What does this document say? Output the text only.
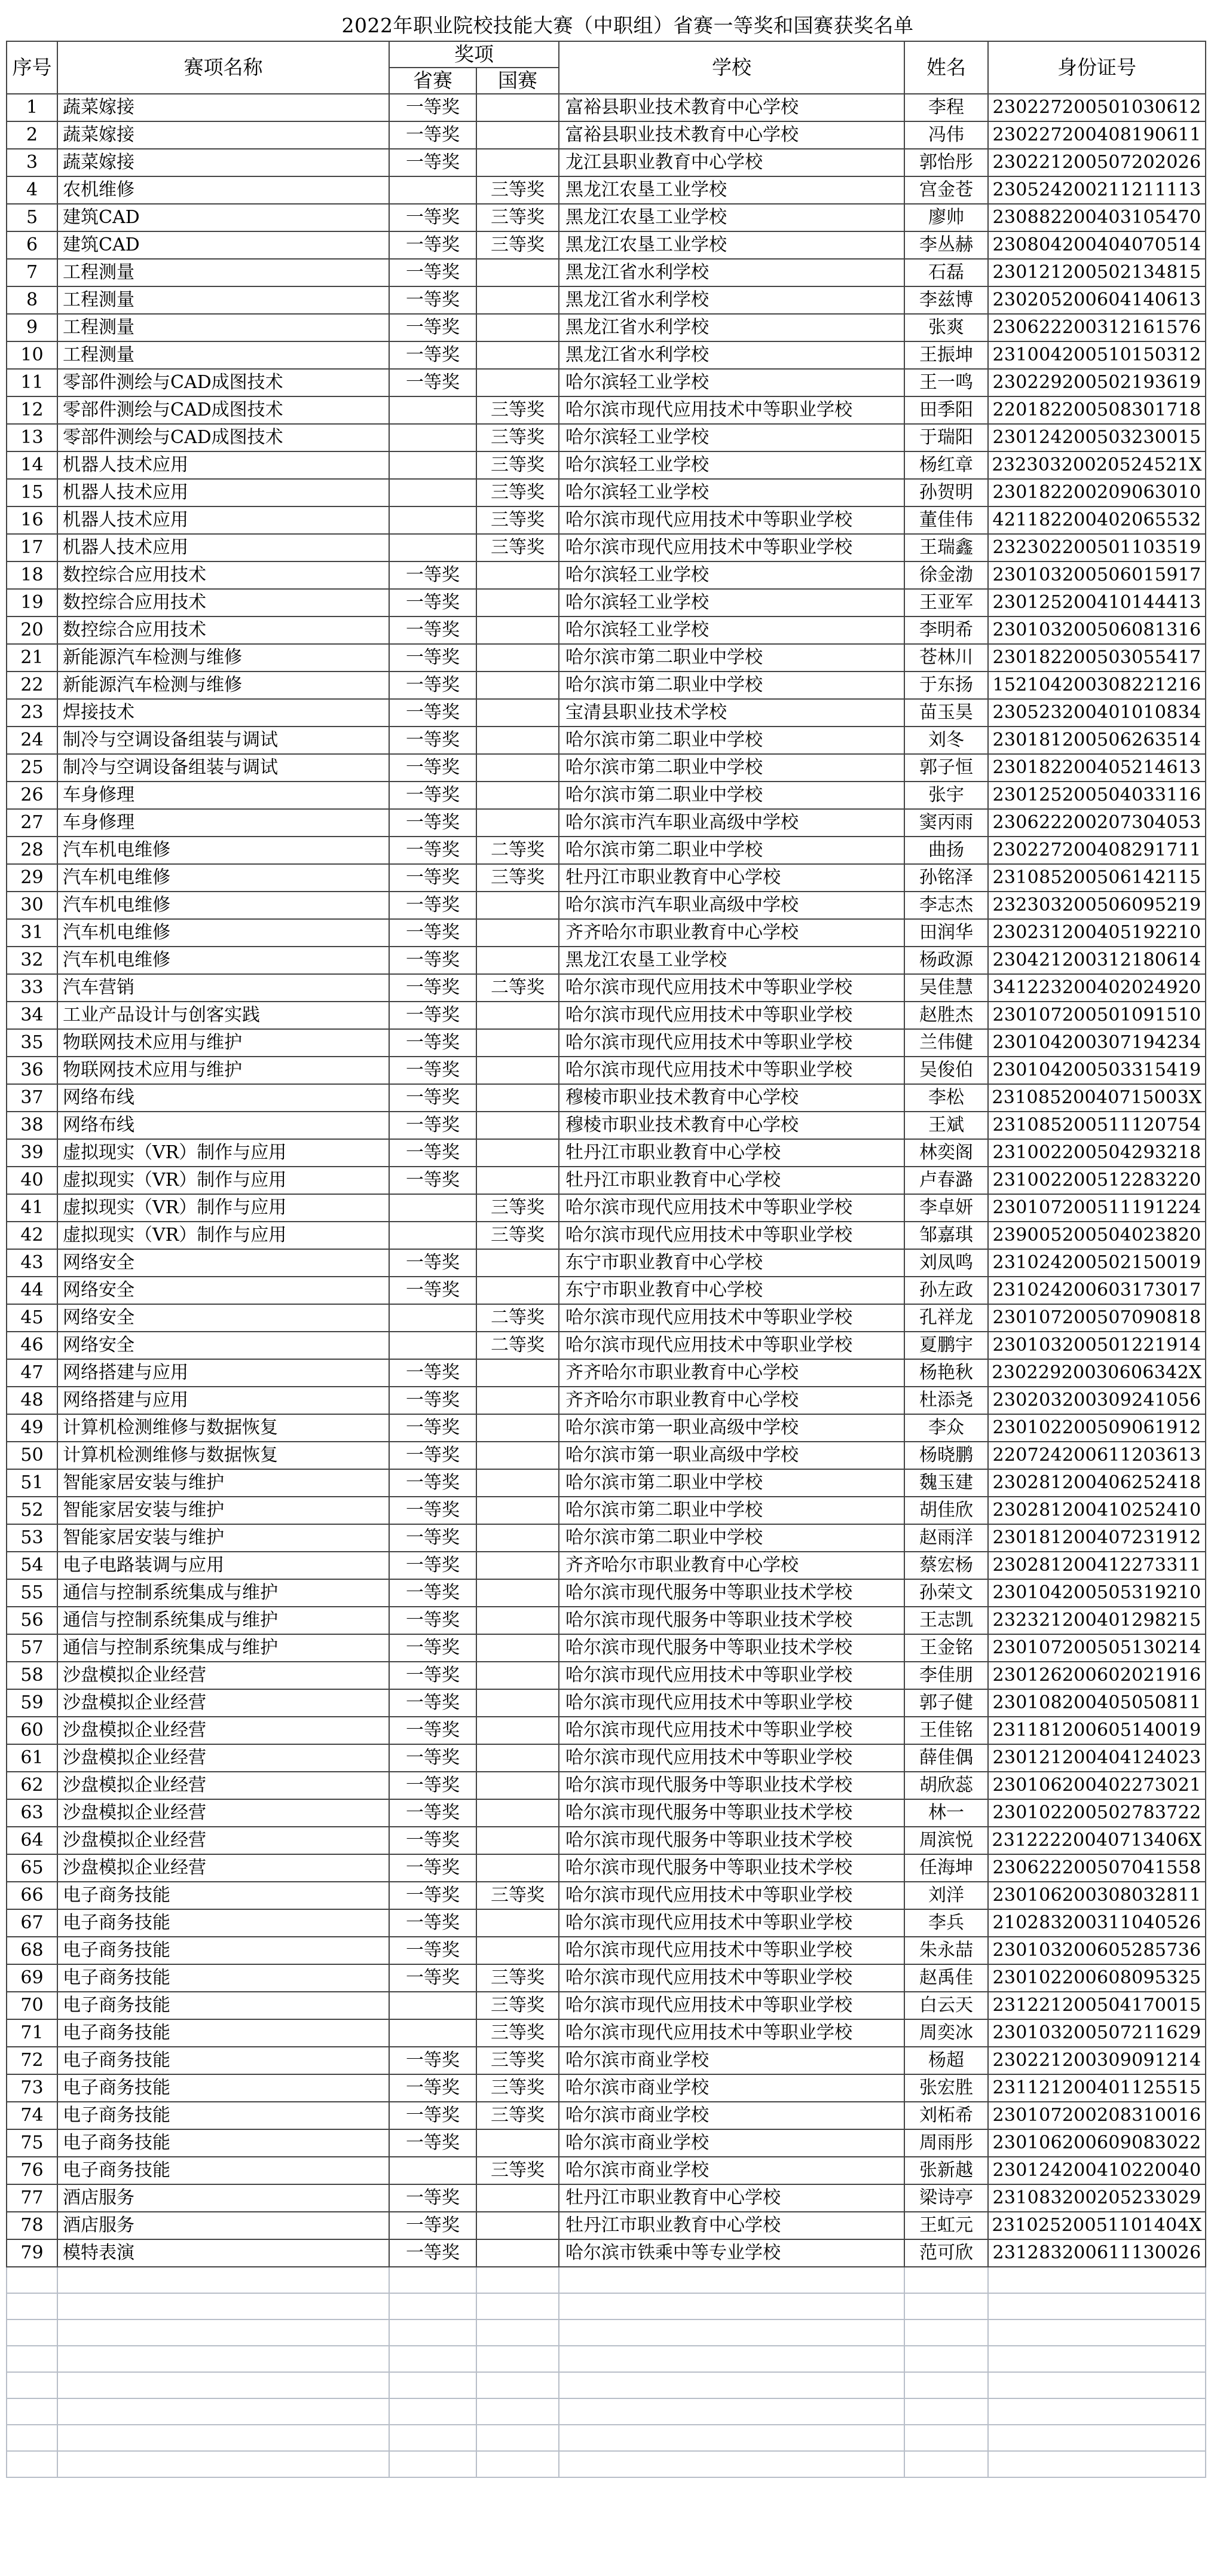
2022年职业院校技能大赛（中职组）省赛一等奖和国赛获奖名单
序号	赛项名称	奖项		学校	姓名	身份证号
		省赛	国赛			
1	蔬菜嫁接	一等奖		富裕县职业技术教育中心学校	李程	230227200501030612
2	蔬菜嫁接	一等奖		富裕县职业技术教育中心学校	冯伟	230227200408190611
3	蔬菜嫁接	一等奖		龙江县职业教育中心学校	郭怡彤	230221200507202026
4	农机维修		三等奖	黑龙江农垦工业学校	宫金苍	230524200211211113
5	建筑CAD	一等奖	三等奖	黑龙江农垦工业学校	廖帅	230882200403105470
6	建筑CAD	一等奖	三等奖	黑龙江农垦工业学校	李丛赫	230804200404070514
7	工程测量	一等奖		黑龙江省水利学校	石磊	230121200502134815
8	工程测量	一等奖		黑龙江省水利学校	李兹博	230205200604140613
9	工程测量	一等奖		黑龙江省水利学校	张爽	230622200312161576
10	工程测量	一等奖		黑龙江省水利学校	王振坤	231004200510150312
11	零部件测绘与CAD成图技术	一等奖		哈尔滨轻工业学校	王一鸣	230229200502193619
12	零部件测绘与CAD成图技术		三等奖	哈尔滨市现代应用技术中等职业学校	田季阳	220182200508301718
13	零部件测绘与CAD成图技术		三等奖	哈尔滨轻工业学校	于瑞阳	230124200503230015
14	机器人技术应用		三等奖	哈尔滨轻工业学校	杨红章	23230320020524521X
15	机器人技术应用		三等奖	哈尔滨轻工业学校	孙贺明	230182200209063010
16	机器人技术应用		三等奖	哈尔滨市现代应用技术中等职业学校	董佳伟	421182200402065532
17	机器人技术应用		三等奖	哈尔滨市现代应用技术中等职业学校	王瑞鑫	232302200501103519
18	数控综合应用技术	一等奖		哈尔滨轻工业学校	徐金渤	230103200506015917
19	数控综合应用技术	一等奖		哈尔滨轻工业学校	王亚军	230125200410144413
20	数控综合应用技术	一等奖		哈尔滨轻工业学校	李明希	230103200506081316
21	新能源汽车检测与维修	一等奖		哈尔滨市第二职业中学校	苍林川	230182200503055417
22	新能源汽车检测与维修	一等奖		哈尔滨市第二职业中学校	于东扬	152104200308221216
23	焊接技术	一等奖		宝清县职业技术学校	苗玉昊	230523200401010834
24	制冷与空调设备组装与调试	一等奖		哈尔滨市第二职业中学校	刘冬	230181200506263514
25	制冷与空调设备组装与调试	一等奖		哈尔滨市第二职业中学校	郭子恒	230182200405214613
26	车身修理	一等奖		哈尔滨市第二职业中学校	张宇	230125200504033116
27	车身修理	一等奖		哈尔滨市汽车职业高级中学校	窦丙雨	230622200207304053
28	汽车机电维修	一等奖	二等奖	哈尔滨市第二职业中学校	曲扬	230227200408291711
29	汽车机电维修	一等奖	三等奖	牡丹江市职业教育中心学校	孙铭泽	231085200506142115
30	汽车机电维修	一等奖		哈尔滨市汽车职业高级中学校	李志杰	232303200506095219
31	汽车机电维修	一等奖		齐齐哈尔市职业教育中心学校	田润华	230231200405192210
32	汽车机电维修	一等奖		黑龙江农垦工业学校	杨政源	230421200312180614
33	汽车营销	一等奖	二等奖	哈尔滨市现代应用技术中等职业学校	吴佳慧	341223200402024920
34	工业产品设计与创客实践	一等奖		哈尔滨市现代应用技术中等职业学校	赵胜杰	230107200501091510
35	物联网技术应用与维护	一等奖		哈尔滨市现代应用技术中等职业学校	兰伟健	230104200307194234
36	物联网技术应用与维护	一等奖		哈尔滨市现代应用技术中等职业学校	吴俊伯	230104200503315419
37	网络布线	一等奖		穆棱市职业技术教育中心学校	李松	23108520040715003X
38	网络布线	一等奖		穆棱市职业技术教育中心学校	王斌	231085200511120754
39	虚拟现实（VR）制作与应用	一等奖		牡丹江市职业教育中心学校	林奕阁	231002200504293218
40	虚拟现实（VR）制作与应用	一等奖		牡丹江市职业教育中心学校	卢春潞	231002200512283220
41	虚拟现实（VR）制作与应用		三等奖	哈尔滨市现代应用技术中等职业学校	李卓妍	230107200511191224
42	虚拟现实（VR）制作与应用		三等奖	哈尔滨市现代应用技术中等职业学校	邹嘉琪	239005200504023820
43	网络安全	一等奖		东宁市职业教育中心学校	刘凤鸣	231024200502150019
44	网络安全	一等奖		东宁市职业教育中心学校	孙左政	231024200603173017
45	网络安全		二等奖	哈尔滨市现代应用技术中等职业学校	孔祥龙	230107200507090818
46	网络安全		二等奖	哈尔滨市现代应用技术中等职业学校	夏鹏宇	230103200501221914
47	网络搭建与应用	一等奖		齐齐哈尔市职业教育中心学校	杨艳秋	23022920030606342X
48	网络搭建与应用	一等奖		齐齐哈尔市职业教育中心学校	杜添尧	230203200309241056
49	计算机检测维修与数据恢复	一等奖		哈尔滨市第一职业高级中学校	李众	230102200509061912
50	计算机检测维修与数据恢复	一等奖		哈尔滨市第一职业高级中学校	杨晓鹏	220724200611203613
51	智能家居安装与维护	一等奖		哈尔滨市第二职业中学校	魏玉建	230281200406252418
52	智能家居安装与维护	一等奖		哈尔滨市第二职业中学校	胡佳欣	230281200410252410
53	智能家居安装与维护	一等奖		哈尔滨市第二职业中学校	赵雨洋	230181200407231912
54	电子电路装调与应用	一等奖		齐齐哈尔市职业教育中心学校	蔡宏杨	230281200412273311
55	通信与控制系统集成与维护	一等奖		哈尔滨市现代服务中等职业技术学校	孙荣文	230104200505319210
56	通信与控制系统集成与维护	一等奖		哈尔滨市现代服务中等职业技术学校	王志凯	232321200401298215
57	通信与控制系统集成与维护	一等奖		哈尔滨市现代服务中等职业技术学校	王金铭	230107200505130214
58	沙盘模拟企业经营	一等奖		哈尔滨市现代应用技术中等职业学校	李佳朋	230126200602021916
59	沙盘模拟企业经营	一等奖		哈尔滨市现代应用技术中等职业学校	郭子健	230108200405050811
60	沙盘模拟企业经营	一等奖		哈尔滨市现代应用技术中等职业学校	王佳铭	231181200605140019
61	沙盘模拟企业经营	一等奖		哈尔滨市现代应用技术中等职业学校	薛佳偶	230121200404124023
62	沙盘模拟企业经营	一等奖		哈尔滨市现代服务中等职业技术学校	胡欣蕊	230106200402273021
63	沙盘模拟企业经营	一等奖		哈尔滨市现代服务中等职业技术学校	林一	230102200502783722
64	沙盘模拟企业经营	一等奖		哈尔滨市现代服务中等职业技术学校	周滨悦	23122220040713406X
65	沙盘模拟企业经营	一等奖		哈尔滨市现代服务中等职业技术学校	任海坤	230622200507041558
66	电子商务技能	一等奖	三等奖	哈尔滨市现代应用技术中等职业学校	刘洋	230106200308032811
67	电子商务技能	一等奖		哈尔滨市现代应用技术中等职业学校	李兵	210283200311040526
68	电子商务技能	一等奖		哈尔滨市现代应用技术中等职业学校	朱永喆	230103200605285736
69	电子商务技能	一等奖	三等奖	哈尔滨市现代应用技术中等职业学校	赵禹佳	230102200608095325
70	电子商务技能		三等奖	哈尔滨市现代应用技术中等职业学校	白云天	231221200504170015
71	电子商务技能		三等奖	哈尔滨市现代应用技术中等职业学校	周奕冰	230103200507211629
72	电子商务技能	一等奖	三等奖	哈尔滨市商业学校	杨超	230221200309091214
73	电子商务技能	一等奖	三等奖	哈尔滨市商业学校	张宏胜	231121200401125515
74	电子商务技能	一等奖	三等奖	哈尔滨市商业学校	刘柘希	230107200208310016
75	电子商务技能	一等奖		哈尔滨市商业学校	周雨彤	230106200609083022
76	电子商务技能		三等奖	哈尔滨市商业学校	张新越	230124200410220040
77	酒店服务	一等奖		牡丹江市职业教育中心学校	梁诗亭	231083200205233029
78	酒店服务	一等奖		牡丹江市职业教育中心学校	王虹元	23102520051101404X
79	模特表演	一等奖		哈尔滨市铁乘中等专业学校	范可欣	231283200611130026
